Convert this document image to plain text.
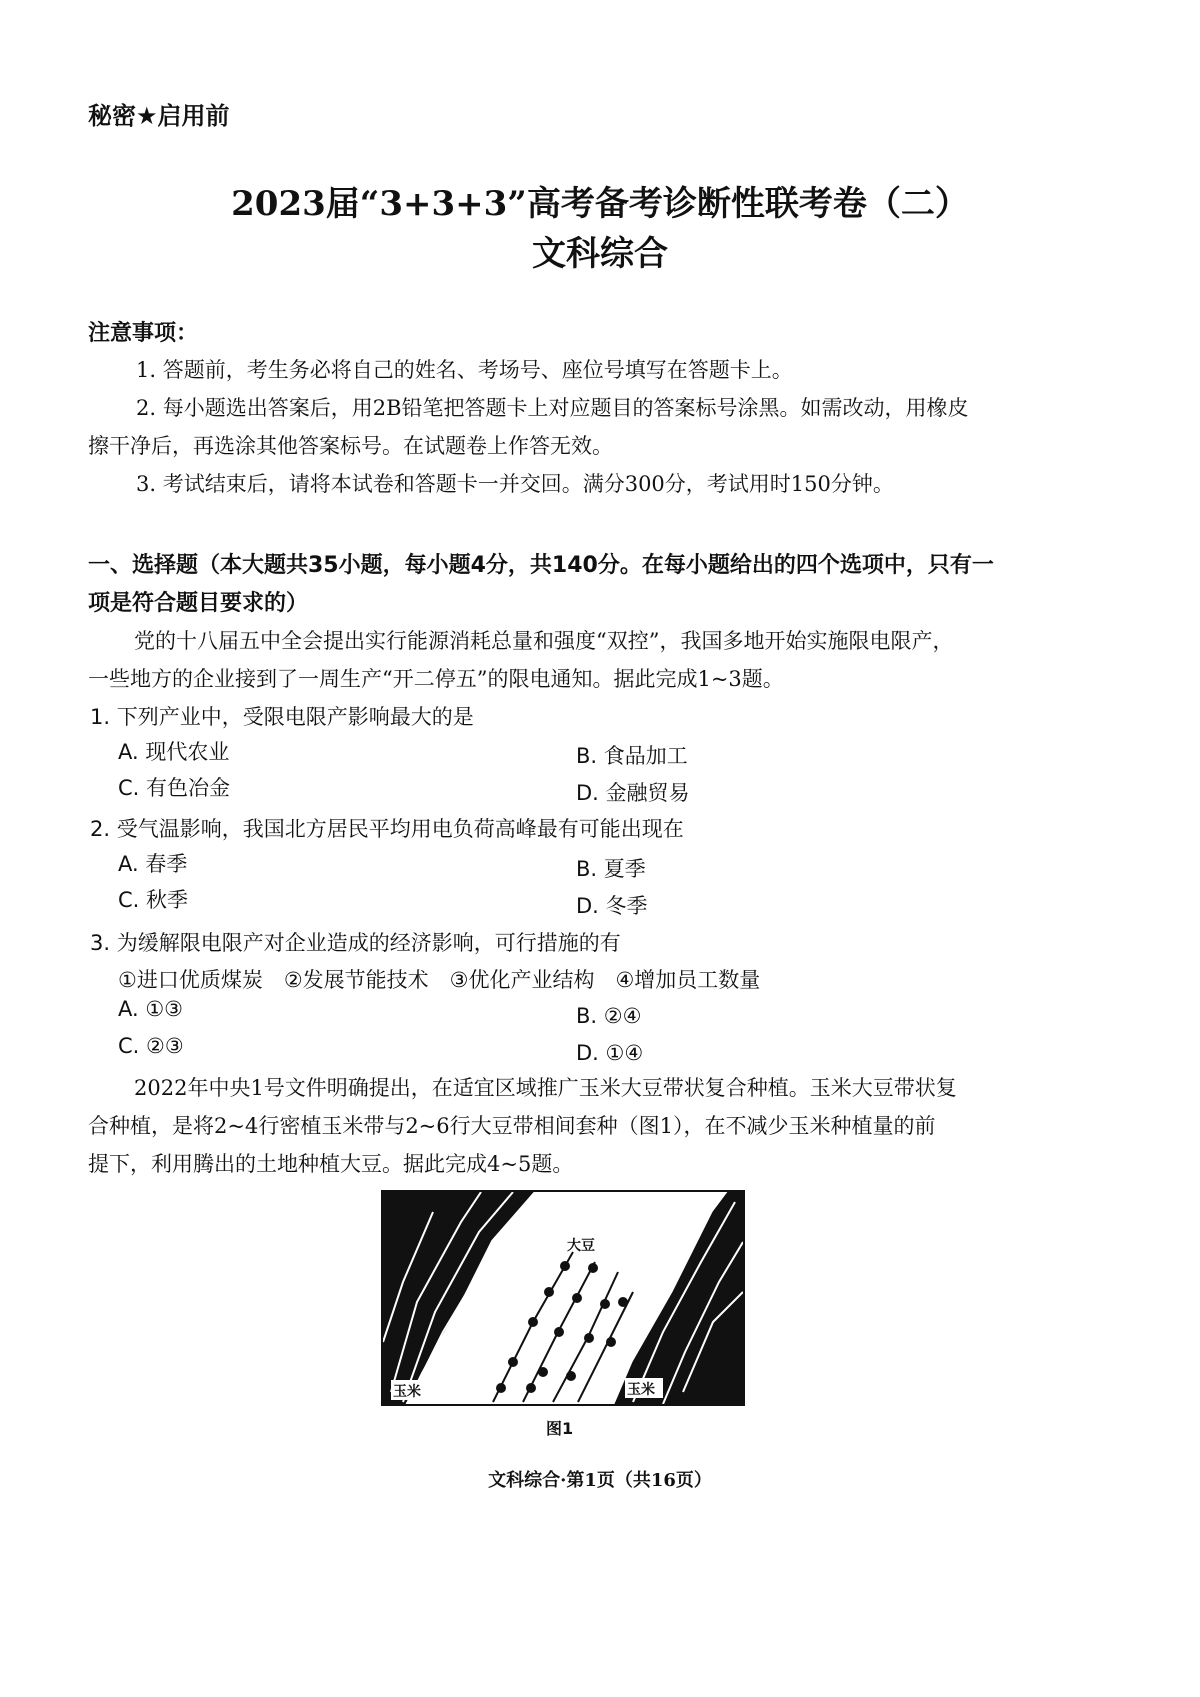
秘密★启用前
2023届“3+3+3”高考备考诊断性联考卷（二）
文科综合
注意事项：
1. 答题前，考生务必将自己的姓名、考场号、座位号填写在答题卡上。
2. 每小题选出答案后，用2B铅笔把答题卡上对应题目的答案标号涂黑。如需改动，用橡皮
擦干净后，再选涂其他答案标号。在试题卷上作答无效。
3. 考试结束后，请将本试卷和答题卡一并交回。满分300分，考试用时150分钟。
一、选择题（本大题共35小题，每小题4分，共140分。在每小题给出的四个选项中，只有一
项是符合题目要求的）
党的十八届五中全会提出实行能源消耗总量和强度“双控”，我国多地开始实施限电限产，
一些地方的企业接到了一周生产“开二停五”的限电通知。据此完成1~3题。
1. 下列产业中，受限电限产影响最大的是
A. 现代农业	B. 食品加工
C. 有色冶金	D. 金融贸易
2. 受气温影响，我国北方居民平均用电负荷高峰最有可能出现在
A. 春季	B. 夏季
C. 秋季	D. 冬季
3. 为缓解限电限产对企业造成的经济影响，可行措施的有
①进口优质煤炭　②发展节能技术　③优化产业结构　④增加员工数量
A. ①③	B. ②④
C. ②③	D. ①④
2022年中央1号文件明确提出，在适宜区域推广玉米大豆带状复合种植。玉米大豆带状复
合种植，是将2~4行密植玉米带与2~6行大豆带相间套种（图1），在不减少玉米种植量的前
提下，利用腾出的土地种植大豆。据此完成4~5题。
大豆
玉米	玉米
图1
文科综合·第1页（共16页）
